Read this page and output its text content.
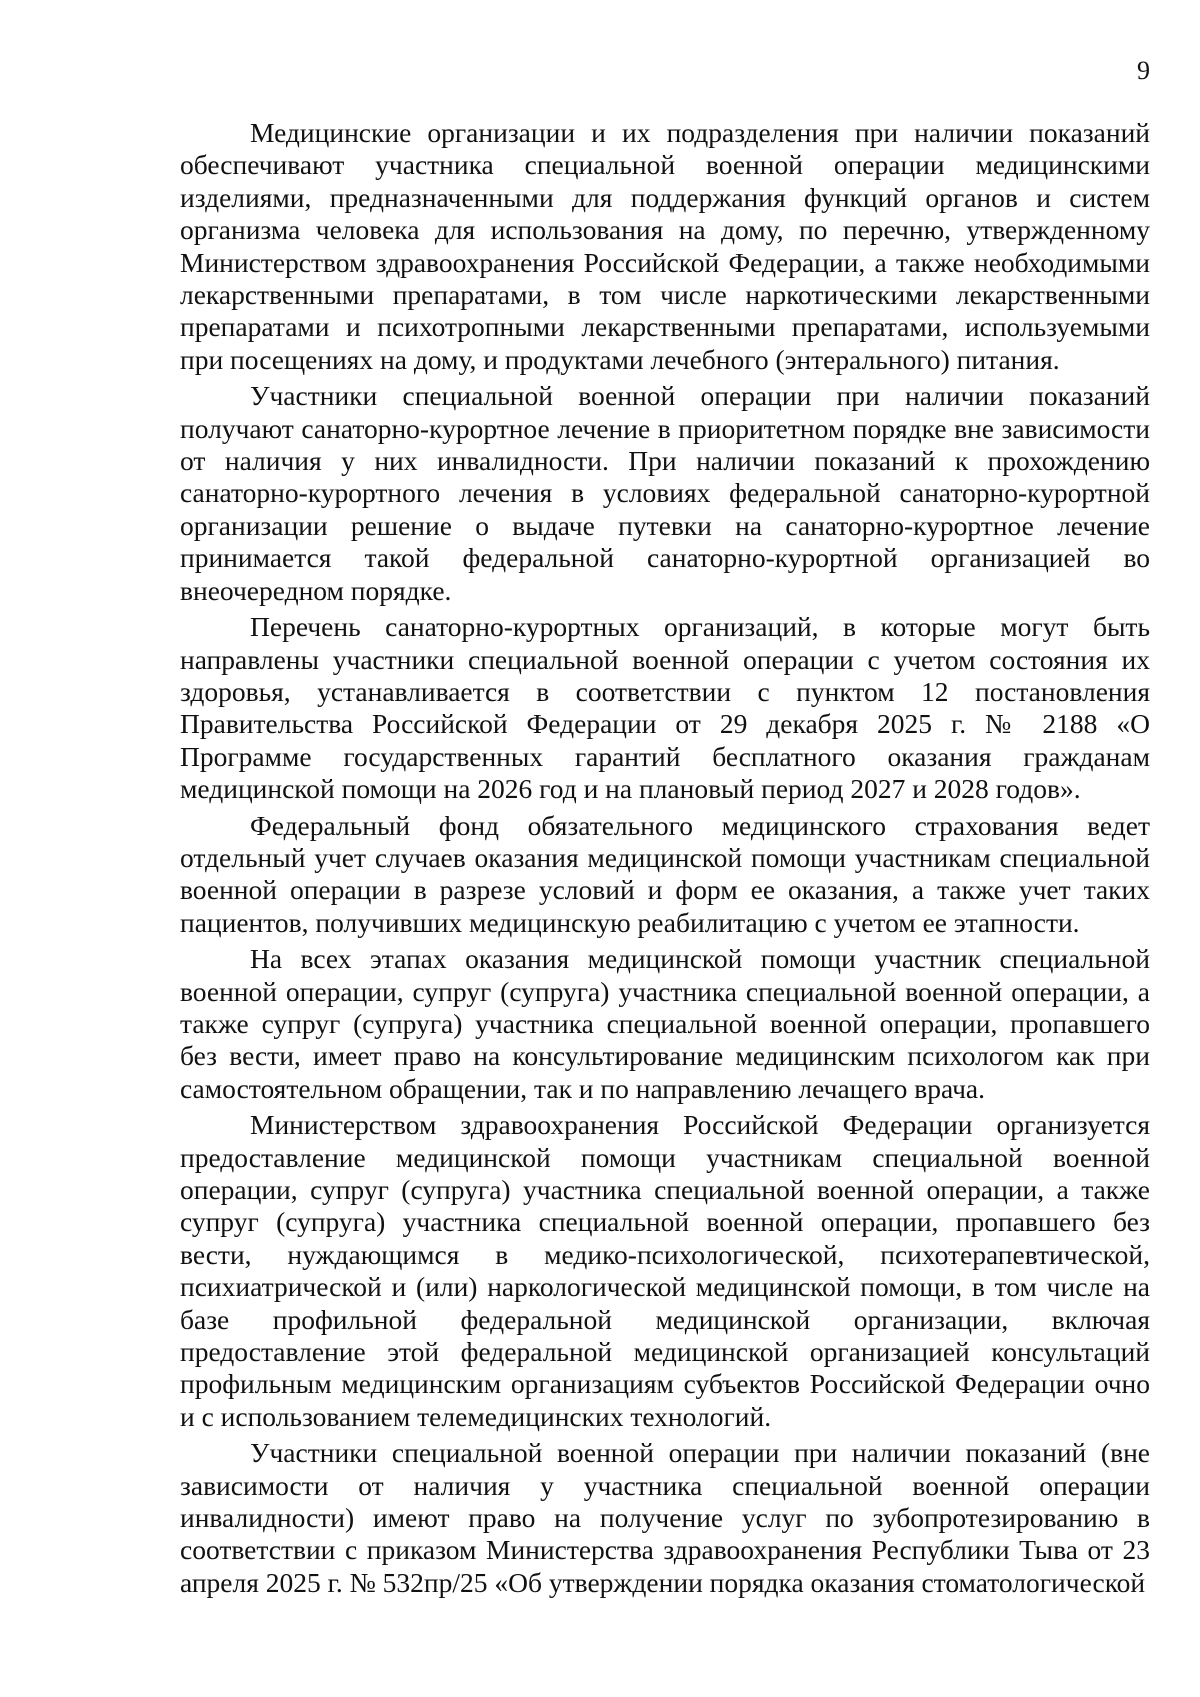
9

Медицинские организации и их подразделения при наличии показаний обеспечивают участника специальной военной операции медицинскими изделиями, предназначенными для поддержания функций органов и систем организма человека для использования на дому, по перечню, утвержденному Министерством здравоохранения Российской Федерации, а также необходимыми лекарственными препаратами, в том числе наркотическими лекарственными препаратами и психотропными лекарственными препаратами, используемыми при посещениях на дому, и продуктами лечебного (энтерального) питания.

Участники специальной военной операции при наличии показаний получают санаторно-курортное лечение в приоритетном порядке вне зависимости от наличия у них инвалидности. При наличии показаний к прохождению санаторно-курортного лечения в условиях федеральной санаторно-курортной организации решение о выдаче путевки на санаторно-курортное лечение принимается такой федеральной санаторно-курортной организацией во внеочередном порядке.

Перечень санаторно-курортных организаций, в которые могут быть направлены участники специальной военной операции с учетом состояния их здоровья, устанавливается в соответствии с пунктом 12 постановления Правительства Российской Федерации от 29 декабря 2025 г. № 2188 «О Программе государственных гарантий бесплатного оказания гражданам медицинской помощи на 2026 год и на плановый период 2027 и 2028 годов».

Федеральный фонд обязательного медицинского страхования ведет отдельный учет случаев оказания медицинской помощи участникам специальной военной операции в разрезе условий и форм ее оказания, а также учет таких пациентов, получивших медицинскую реабилитацию с учетом ее этапности.

На всех этапах оказания медицинской помощи участник специальной военной операции, супруг (супруга) участника специальной военной операции, а также супруг (супруга) участника специальной военной операции, пропавшего без вести, имеет право на консультирование медицинским психологом как при самостоятельном обращении, так и по направлению лечащего врача.

Министерством здравоохранения Российской Федерации организуется предоставление медицинской помощи участникам специальной военной операции, супруг (супруга) участника специальной военной операции, а также супруг (супруга) участника специальной военной операции, пропавшего без вести, нуждающимся в медико-психологической, психотерапевтической, психиатрической и (или) наркологической медицинской помощи, в том числе на базе профильной федеральной медицинской организации, включая предоставление этой федеральной медицинской организацией консультаций профильным медицинским организациям субъектов Российской Федерации очно и с использованием телемедицинских технологий.

Участники специальной военной операции при наличии показаний (вне зависимости от наличия у участника специальной военной операции инвалидности) имеют право на получение услуг по зубопротезированию в соответствии с приказом Министерства здравоохранения Республики Тыва от 23 апреля 2025 г. № 532пр/25 «Об утверждении порядка оказания стоматологической
